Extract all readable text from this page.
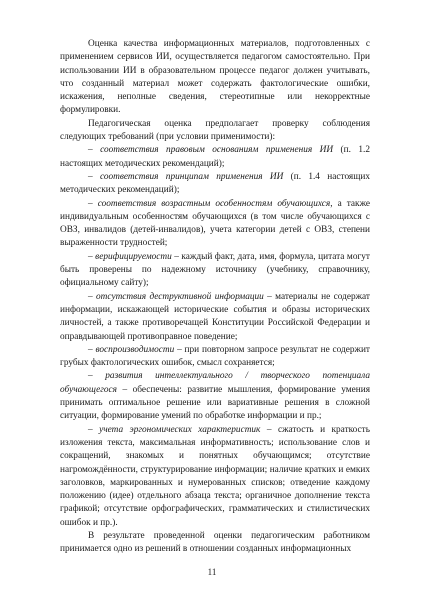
Оценка качества информационных материалов, подготовленных с применением сервисов ИИ, осуществляется педагогом самостоятельно. При использовании ИИ в образовательном процессе педагог должен учитывать, что созданный материал может содержать фактологические ошибки, искажения, неполные сведения, стереотипные или некорректные формулировки.

Педагогическая оценка предполагает проверку соблюдения следующих требований (при условии применимости):

– соответствия правовым основаниям применения ИИ (п. 1.2 настоящих методических рекомендаций);

– соответствия принципам применения ИИ (п. 1.4 настоящих методических рекомендаций);

– соответствия возрастным особенностям обучающихся, а также индивидуальным особенностям обучающихся (в том числе обучающихся с ОВЗ, инвалидов (детей-инвалидов), учета категории детей с ОВЗ, степени выраженности трудностей;

– верифицируемости – каждый факт, дата, имя, формула, цитата могут быть проверены по надежному источнику (учебнику, справочнику, официальному сайту);

– отсутствия деструктивной информации – материалы не содержат информации, искажающей исторические события и образы исторических личностей, а также противоречащей Конституции Российской Федерации и оправдывающей противоправное поведение;

– воспроизводимости – при повторном запросе результат не содержит грубых фактологических ошибок, смысл сохраняется;

– развития интеллектуального / творческого потенциала обучающегося – обеспечены: развитие мышления, формирование умения принимать оптимальное решение или вариативные решения в сложной ситуации, формирование умений по обработке информации и пр.;

– учета эргономических характеристик – сжатость и краткость изложения текста, максимальная информативность; использование слов и сокращений, знакомых и понятных обучающимся; отсутствие нагромождённости, структурирование информации; наличие кратких и емких заголовков, маркированных и нумерованных списков; отведение каждому положению (идее) отдельного абзаца текста; органичное дополнение текста графикой; отсутствие орфографических, грамматических и стилистических ошибок и пр.).

В результате проведенной оценки педагогическим работником принимается одно из решений в отношении созданных информационных

11
